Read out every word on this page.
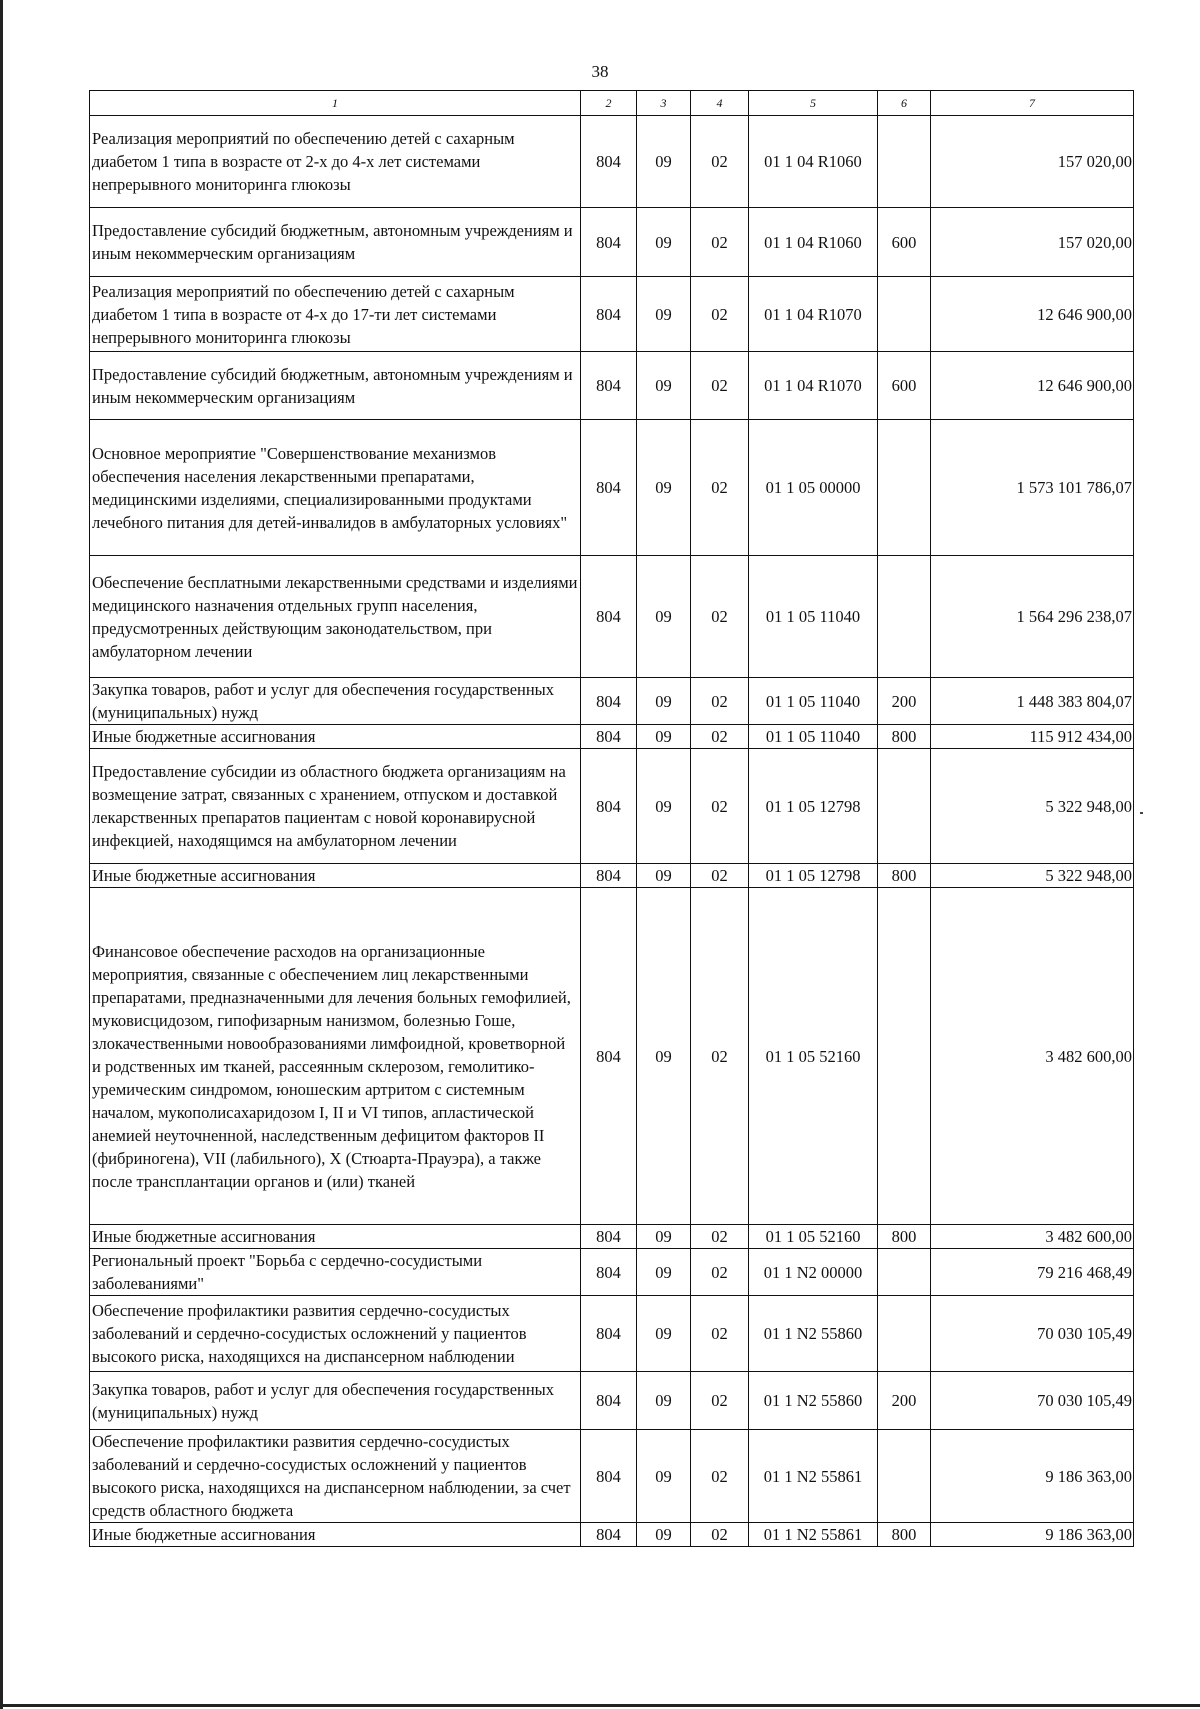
38
1	2	3	4	5	6	7
Реализация мероприятий по обеспечению детей с сахарным диабетом 1 типа в возрасте от 2-х до 4-х лет системами непрерывного мониторинга глюкозы	804	09	02	01 1 04 R1060		157 020,00
Предоставление субсидий бюджетным, автономным учреждениям и иным некоммерческим организациям	804	09	02	01 1 04 R1060	600	157 020,00
Реализация мероприятий по обеспечению детей с сахарным диабетом 1 типа в возрасте от 4-х до 17-ти лет системами непрерывного мониторинга глюкозы	804	09	02	01 1 04 R1070		12 646 900,00
Предоставление субсидий бюджетным, автономным учреждениям и иным некоммерческим организациям	804	09	02	01 1 04 R1070	600	12 646 900,00
Основное мероприятие "Совершенствование механизмов обеспечения населения лекарственными препаратами, медицинскими изделиями, специализированными продуктами лечебного питания для детей-инвалидов в амбулаторных условиях"	804	09	02	01 1 05 00000		1 573 101 786,07
Обеспечение бесплатными лекарственными средствами и изделиями медицинского назначения отдельных групп населения, предусмотренных действующим законодательством, при амбулаторном лечении	804	09	02	01 1 05 11040		1 564 296 238,07
Закупка товаров, работ и услуг для обеспечения государственных (муниципальных) нужд	804	09	02	01 1 05 11040	200	1 448 383 804,07
Иные бюджетные ассигнования	804	09	02	01 1 05 11040	800	115 912 434,00
Предоставление субсидии из областного бюджета организациям на возмещение затрат, связанных с хранением, отпуском и доставкой лекарственных препаратов пациентам с новой коронавирусной инфекцией, находящимся на амбулаторном лечении	804	09	02	01 1 05 12798		5 322 948,00
Иные бюджетные ассигнования	804	09	02	01 1 05 12798	800	5 322 948,00
Финансовое обеспечение расходов на организационные мероприятия, связанные с обеспечением лиц лекарственными препаратами, предназначенными для лечения больных гемофилией, муковисцидозом, гипофизарным нанизмом, болезнью Гоше, злокачественными новообразованиями лимфоидной, кроветворной и родственных им тканей, рассеянным склерозом, гемолитико-уремическим синдромом, юношеским артритом с системным началом, мукополисахаридозом I, II и VI типов, апластической анемией неуточненной, наследственным дефицитом факторов II (фибриногена), VII (лабильного), X (Стюарта-Прауэра), а также после трансплантации органов и (или) тканей	804	09	02	01 1 05 52160		3 482 600,00
Иные бюджетные ассигнования	804	09	02	01 1 05 52160	800	3 482 600,00
Региональный проект "Борьба с сердечно-сосудистыми заболеваниями"	804	09	02	01 1 N2 00000		79 216 468,49
Обеспечение профилактики развития сердечно-сосудистых заболеваний и сердечно-сосудистых осложнений у пациентов высокого риска, находящихся на диспансерном наблюдении	804	09	02	01 1 N2 55860		70 030 105,49
Закупка товаров, работ и услуг для обеспечения государственных (муниципальных) нужд	804	09	02	01 1 N2 55860	200	70 030 105,49
Обеспечение профилактики развития сердечно-сосудистых заболеваний и сердечно-сосудистых осложнений у пациентов высокого риска, находящихся на диспансерном наблюдении, за счет средств областного бюджета	804	09	02	01 1 N2 55861		9 186 363,00
Иные бюджетные ассигнования	804	09	02	01 1 N2 55861	800	9 186 363,00
